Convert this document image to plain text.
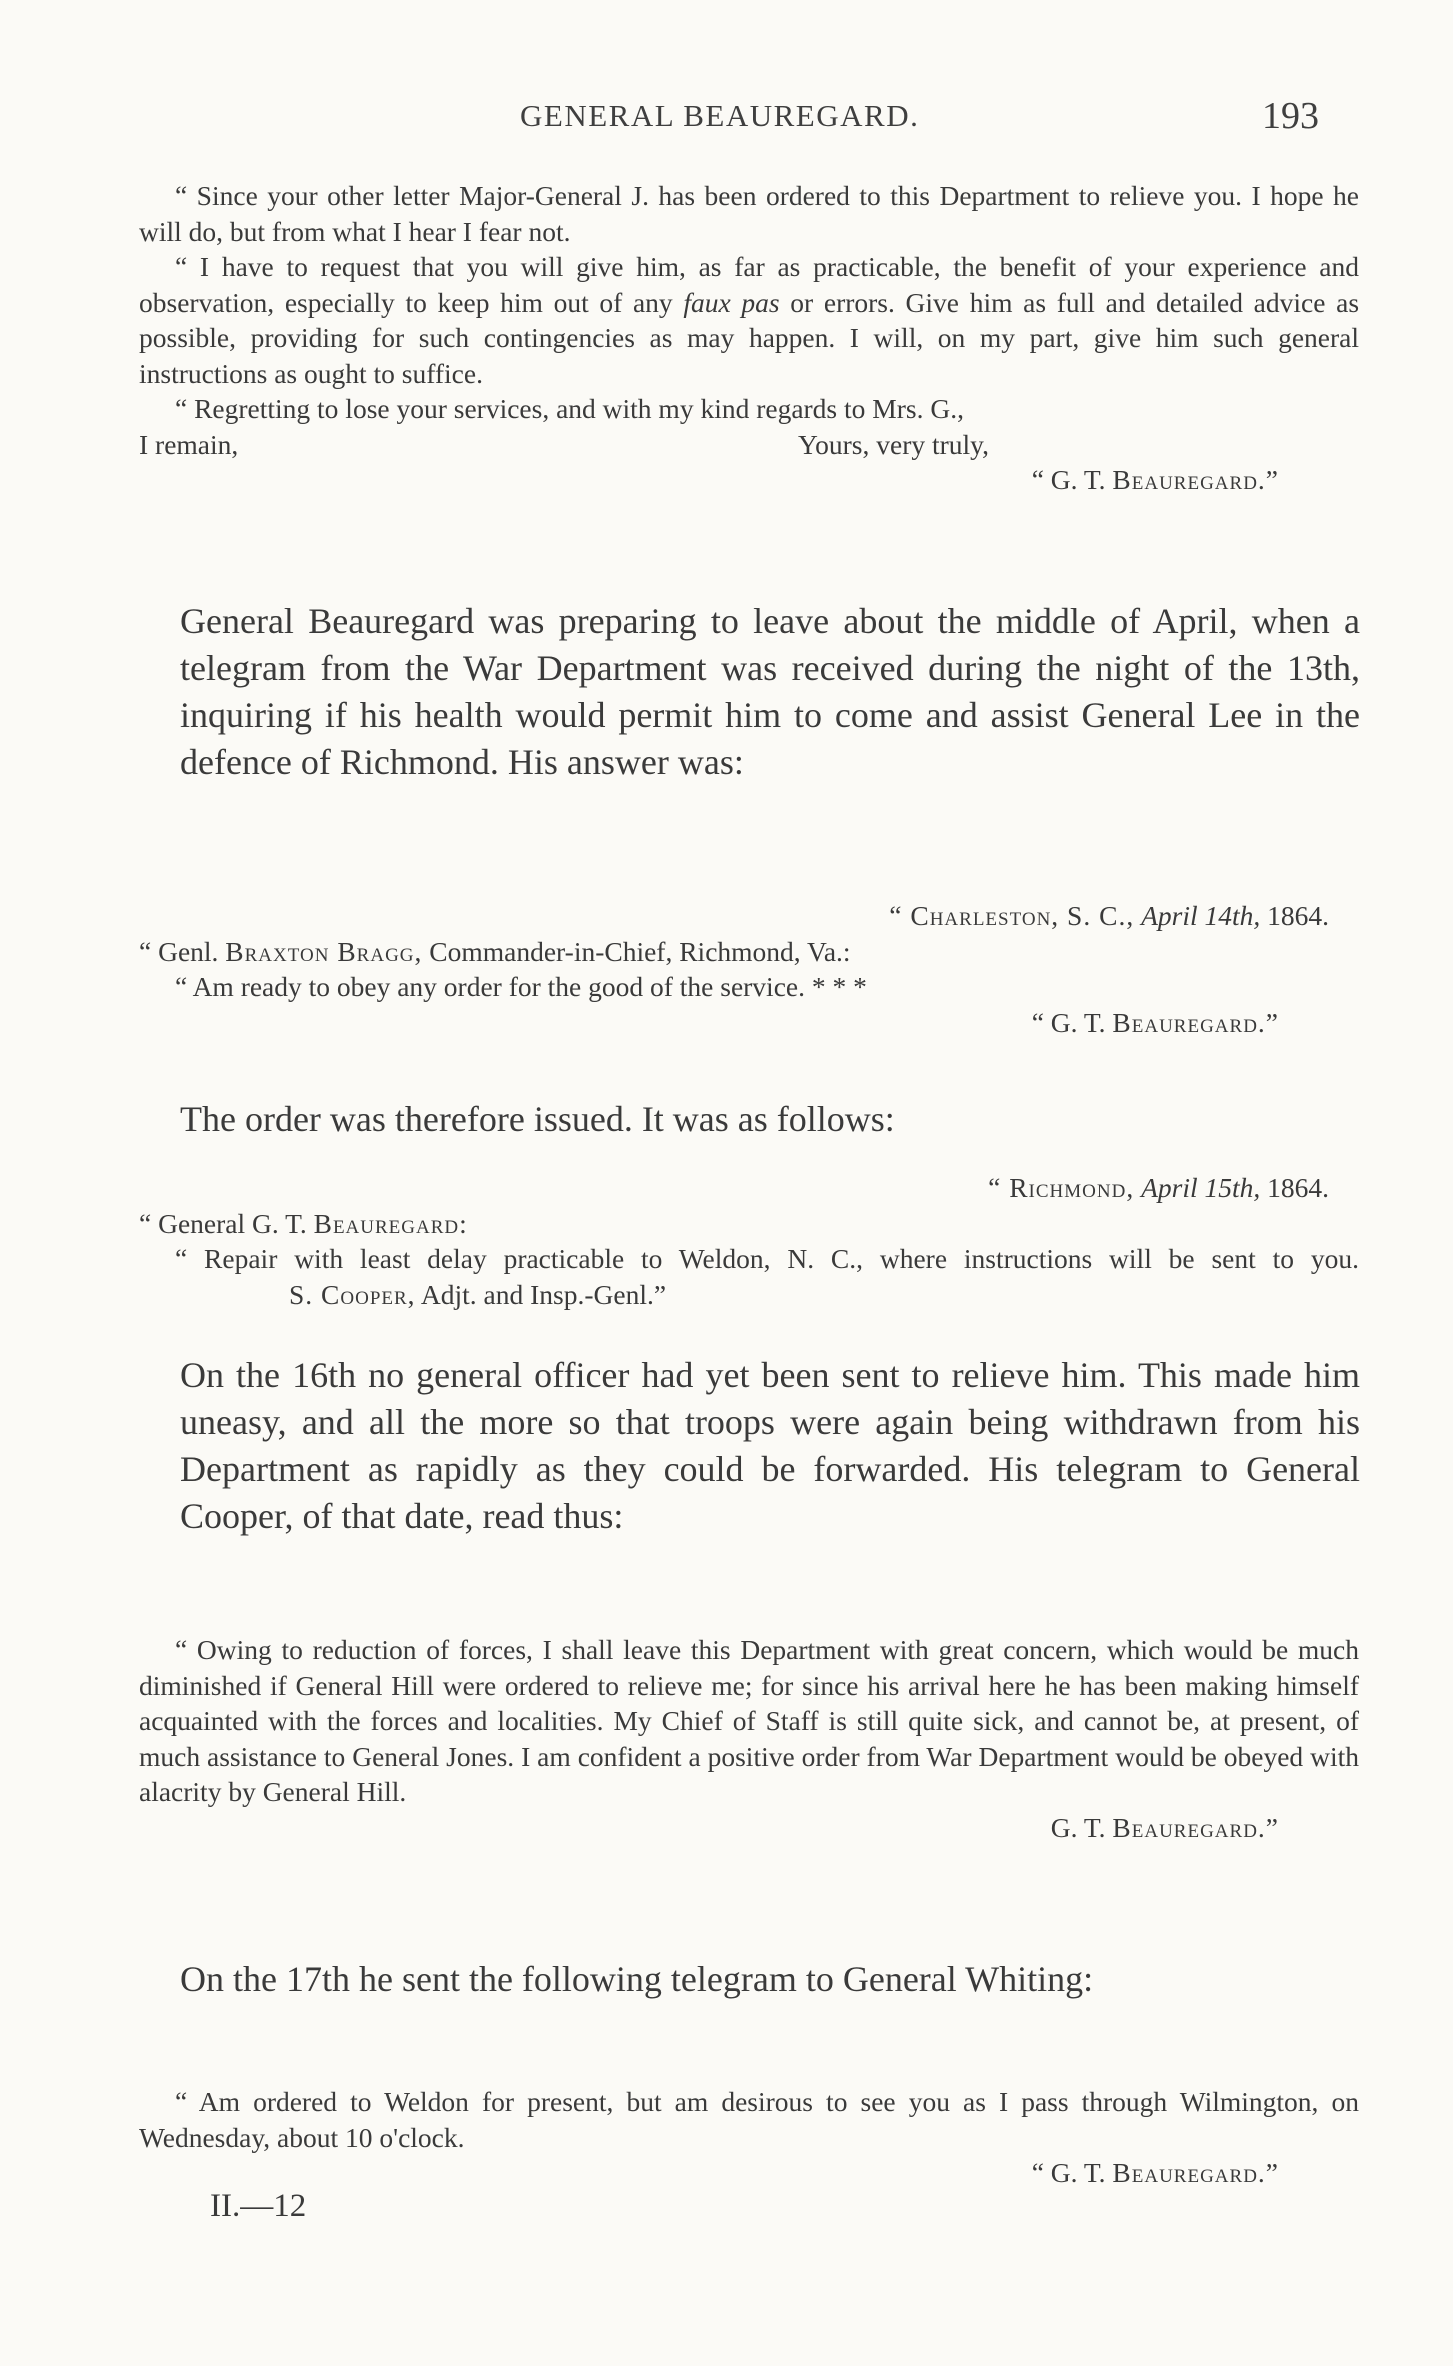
GENERAL BEAUREGARD.	193

“ Since your other letter Major-General J. has been ordered to this Department to relieve you. I hope he will do, but from what I hear I fear not.

“ I have to request that you will give him, as far as practicable, the benefit of your experience and observation, especially to keep him out of any faux pas or errors. Give him as full and detailed advice as possible, providing for such contingencies as may happen. I will, on my part, give him such general instructions as ought to suffice.

“ Regretting to lose your services, and with my kind regards to Mrs. G.,

I remain,	Yours, very truly,

“ G. T. Beauregard.”

General Beauregard was preparing to leave about the middle of April, when a telegram from the War Department was received during the night of the 13th, inquiring if his health would permit him to come and assist General Lee in the defence of Richmond. His answer was:

“ Charleston, S. C., April 14th, 1864.
“ Genl. Braxton Bragg, Commander-in-Chief, Richmond, Va.:

“ Am ready to obey any order for the good of the service. * * *

“ G. T. Beauregard.”

The order was therefore issued. It was as follows:

“ Richmond, April 15th, 1864.
“ General G. T. Beauregard:

“ Repair with least delay practicable to Weldon, N. C., where instructions will be sent to you. S. Cooper, Adjt. and Insp.-Genl.”

On the 16th no general officer had yet been sent to relieve him. This made him uneasy, and all the more so that troops were again being withdrawn from his Department as rapidly as they could be forwarded. His telegram to General Cooper, of that date, read thus:

“ Owing to reduction of forces, I shall leave this Department with great concern, which would be much diminished if General Hill were ordered to relieve me; for since his arrival here he has been making himself acquainted with the forces and localities. My Chief of Staff is still quite sick, and cannot be, at present, of much assistance to General Jones. I am confident a positive order from War Department would be obeyed with alacrity by General Hill.

G. T. Beauregard.”

On the 17th he sent the following telegram to General Whiting:

“ Am ordered to Weldon for present, but am desirous to see you as I pass through Wilmington, on Wednesday, about 10 o'clock.

“ G. T. Beauregard.”

II.—12
